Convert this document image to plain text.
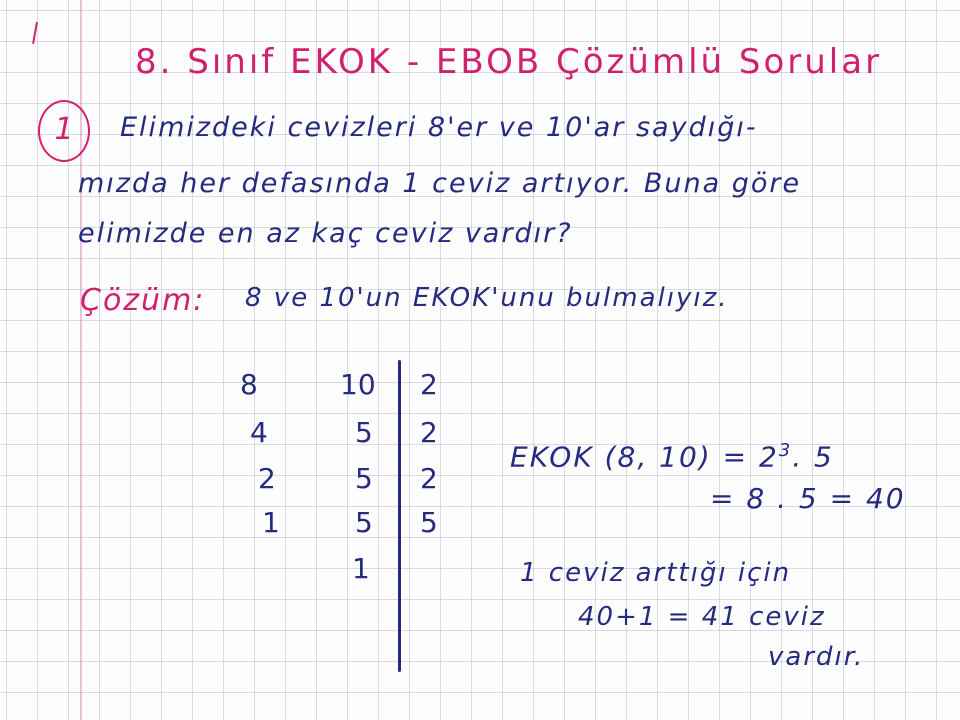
8. Sınıf EKOK - EBOB Çözümlü Sorular
1	Elimizdeki cevizleri 8'er ve 10'ar saydığı-
mızda her defasında 1 ceviz artıyor. Buna göre
elimizde en az kaç ceviz vardır?
Çözüm: 8 ve 10'un EKOK'unu bulmalıyız.
8
4
2
1
10
5
5
5
1
2
2
2
5
EKOK (8, $10) = 2^3$. 5
= 8 . 5 = 40
1 ceviz arttığı için
40+1 = 41 ceviz
vardır.
